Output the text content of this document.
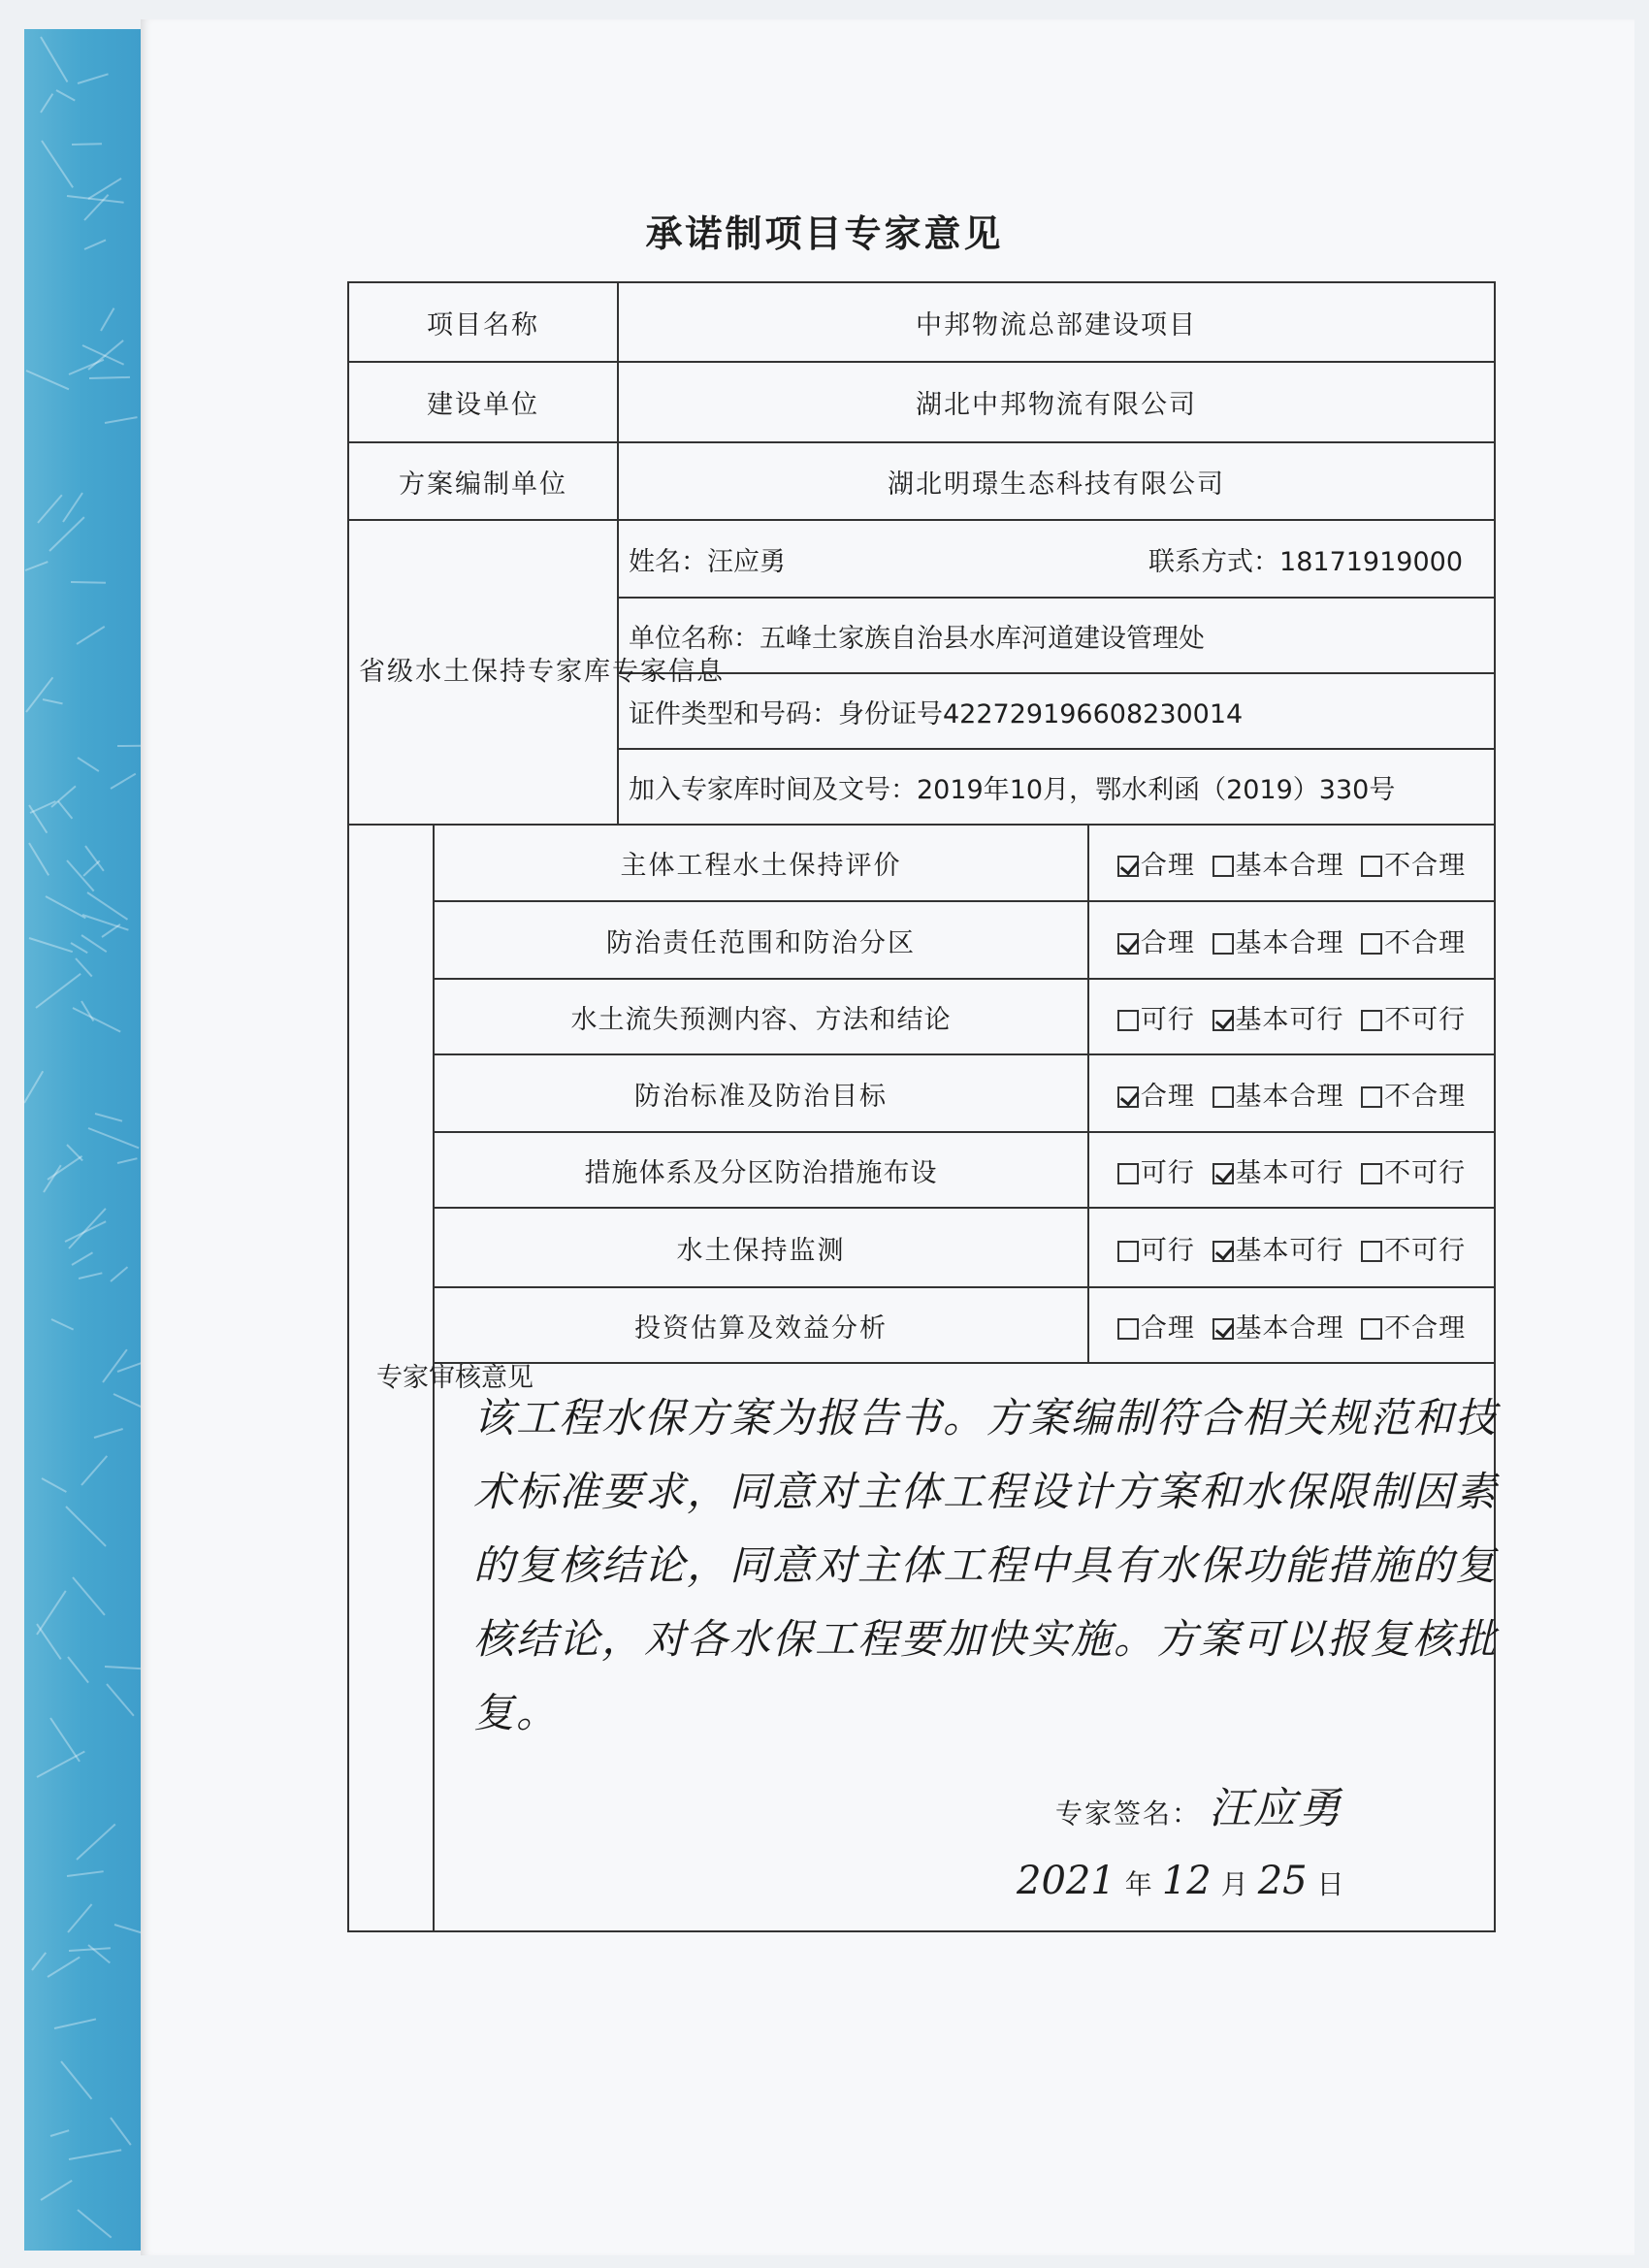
承诺制项目专家意见
项目名称		中邦物流总部建设项目	
建设单位		湖北中邦物流有限公司	
方案编制单位		湖北明璟生态科技有限公司	
省级水土保持专家库专家信息		姓名：汪应勇 联系方式：18171919000	

		单位名称：五峰土家族自治县水库河道建设管理处	
		证件类型和号码：身份证号422729196608230014	
		加入专家库时间及文号：2019年10月，鄂水利函（2019）330号	

专家审核意见	主体工程水土保持评价		合理 基本合理 不合理
	防治责任范围和防治分区		合理 基本合理 不合理
	水土流失预测内容、方法和结论		可行 基本可行 不可行
	防治标准及防治目标		合理 基本合理 不合理
	措施体系及分区防治措施布设		可行 基本可行 不可行
	水土保持监测		可行 基本可行 不可行
	投资估算及效益分析		合理 基本合理 不合理

	该工程水保方案为报告书。方案编制符合相关规范和技术标准要求，同意对主体工程设计方案和水保限制因素的复核结论，同意对主体工程中具有水保功能措施的复核结论，对各水保工程要加快实施。方案可以报复核批复。
专家签名： 汪应勇
2021 年 12 月 25 日		
